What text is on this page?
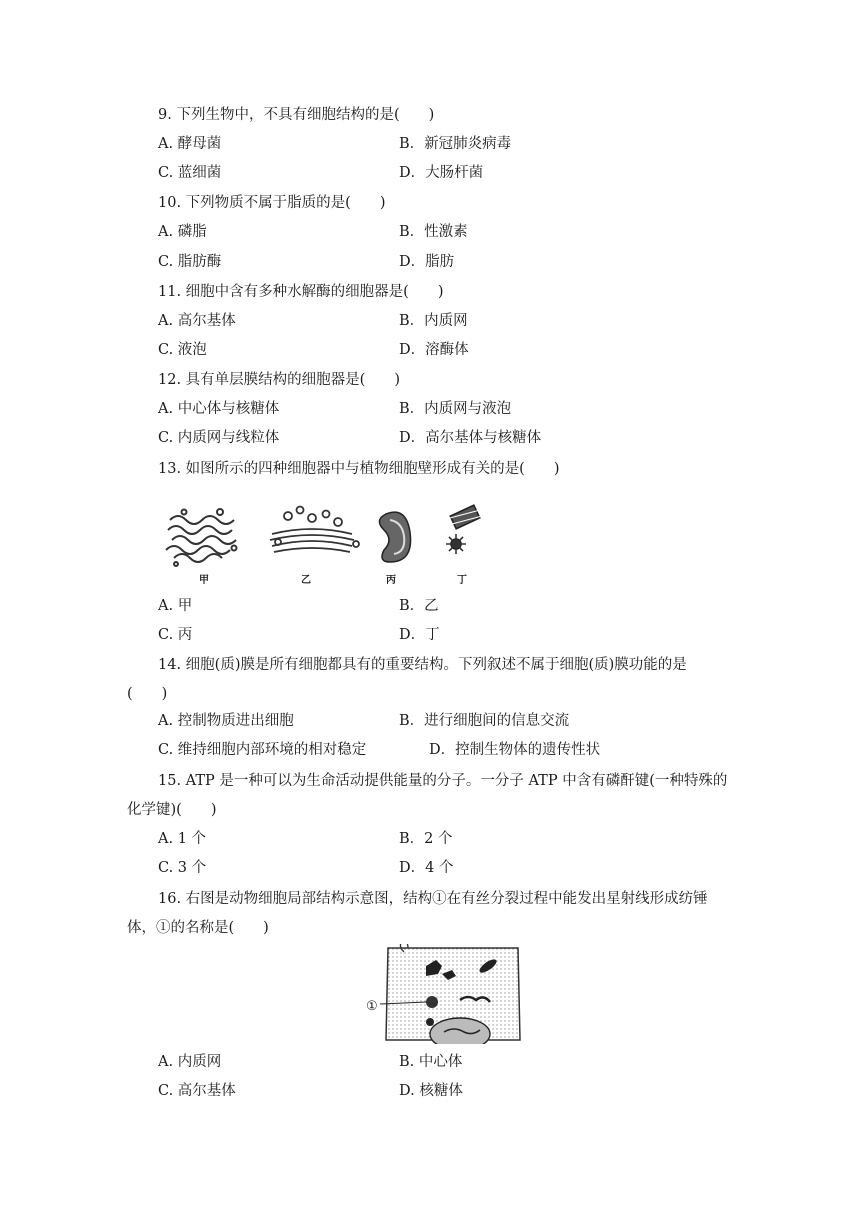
9. 下列生物中，不具有细胞结构的是(　　)
A. 酵母菌	B．新冠肺炎病毒
C. 蓝细菌	D．大肠杆菌
10. 下列物质不属于脂质的是(　　)
A. 磷脂	B．性激素
C. 脂肪酶	D．脂肪
11. 细胞中含有多种水解酶的细胞器是(　　)
A. 高尔基体	B．内质网
C. 液泡	D．溶酶体
12. 具有单层膜结构的细胞器是(　　)
A. 中心体与核糖体	B．内质网与液泡
C. 内质网与线粒体	D．高尔基体与核糖体
13. 如图所示的四种细胞器中与植物细胞壁形成有关的是(　　)
甲	乙	丙	丁
A. 甲	B．乙
C. 丙	D．丁
14. 细胞(质)膜是所有细胞都具有的重要结构。下列叙述不属于细胞(质)膜功能的是
(　　)
A. 控制物质进出细胞	B．进行细胞间的信息交流
C. 维持细胞内部环境的相对稳定	D．控制生物体的遗传性状
15. ATP 是一种可以为生命活动提供能量的分子。一分子 ATP 中含有磷酐键(一种特殊的
化学键)(　　)
A. 1 个	B．2 个
C. 3 个	D．4 个
16. 右图是动物细胞局部结构示意图，结构①在有丝分裂过程中能发出星射线形成纺锤
体，①的名称是(　　)
①
A. 内质网	B. 中心体
C. 高尔基体	D. 核糖体
